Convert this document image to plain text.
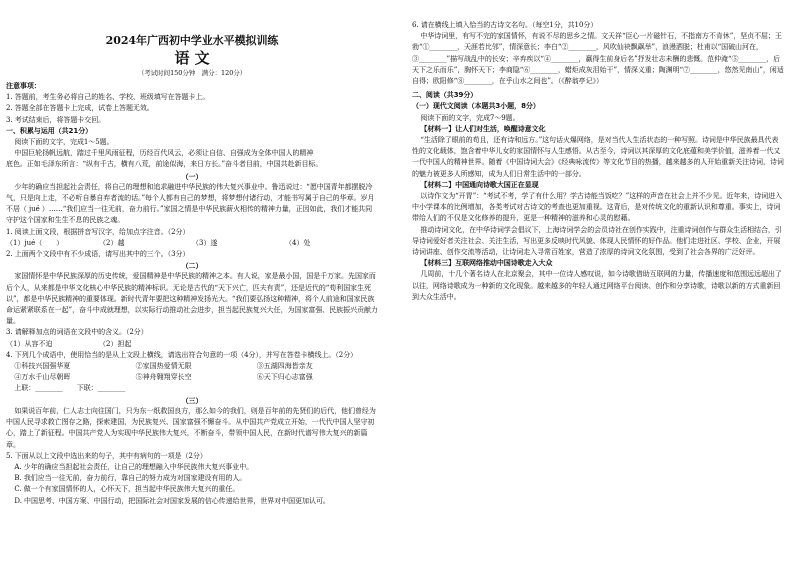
2024年广西初中学业水平模拟训练

语 文

（考试时间150分钟　满分：120分）

注意事项：

1. 答题前，考生务必将自己的姓名、学校、班级填写在答题卡上。

2. 答题全部在答题卡上完成，试卷上答题无效。

3. 考试结束后，将答题卡交回。

一、积累与运用（共21分）

阅读下面的文字，完成1～5题。

中国巨轮扬帆远航，踏过千里风雨征程，历经百代风云，必须让自信、自强成为全体中国人的精神

底色。正如毛泽东所言：“纵有千古，横有八荒，前途似海，来日方长。”奋斗者目前，中国共赴新目标。

（一）

少年的确应当担起社会责任，将自己的理想和追求融进中华民族的伟大复兴事业中。鲁迅说过：“愿中国青年都摆脱冷气，只是向上走，不必听自暴自弃者流的话。”每个人都有自己的梦想，将梦想付诸行动，才能书写属于自己的华章。岁月不居（ jué ）……“我们应当一往无前，奋力前行。”家国之情是中华民族薪火相传的精神力量，正因如此，我们才能共同守护这个国家和生生不息的民族之魂。

1. 阅读上面文段，根据拼音写汉字，给加点字注音。（2分）

（1）jué（　　）	（2）越	（3）遂	（4）处

2. 上面两个文段中有不少成语，请写出其中的三个。（3分）

（二）

家国情怀是中华民族深厚的历史传统，爱国精神是中华民族的精神之本。有人说，家是最小国，国是千万家。先国家而后个人，从来都是中华文化核心中华民族的精神标识。无论是古代的“天下兴亡，匹夫有责”，还是近代的“苟利国家生死以”，都是中华民族精神的重要体现。新时代青年要把这种精神发扬光大。“我们要弘扬这种精神，将个人前途和国家民族命运紧紧联系在一起”，奋斗中成就理想，以实际行动推动社会进步，担当起民族复兴大任，为国家富强、民族振兴贡献力量。

3. 请解释加点的词语在文段中的含义。（2分）

（1）从容不迫	（2）担起

4. 下列几个成语中，使用恰当的是从上文段上横线，请选出符合句意的一项（4分），并写在答卷卡横线上。（2分）

①科技兴国强华夏	②家国热爱情无限	③五湖四海皆亲友
④万水千山尽朝晖	⑤神舟翱翔穿长空	⑥天下归心志富强

上联：________　　下联：________

（三）

如果说百年前，仁人志士向往国门，只为东一纸救国良方，那么如今的我们，则是百年前的先贤们的后代，他们曾经为中国人民寻求救亡图存之路，探索建国，为民族复兴、国家富强不懈奋斗。从中国共产党成立开始，一代代中国人坚守初心，踏上了新征程。中国共产党人为实现中华民族伟大复兴，不断奋斗，带领中国人民，在新时代谱写伟大复兴的新篇章。

5. 下面从以上文段中选出来的句子，其中有病句的一项是（2分）

A. 少年的确应当担起社会责任，让自己的理想融入中华民族伟大复兴事业中。

B. 我们应当一往无前，奋力前行，靠自己的努力成为对国家建设有用的人。

C. 做一个有家国情怀的人，心怀天下，担当起中华民族伟大复兴的重任。

D. 中国思考、中国方案、中国行动，把国际社会对国家发展的信心传递给世界，世界对中国更加认可。

6. 请在横线上填入恰当的古诗文名句。（每空1分，共10分）

中华诗词里，有写不完的家国情怀，有说不尽的思乡之情。文天祥“臣心一片磁针石，不指南方不肯休”，坚贞不屈；王勃“①________，天涯若比邻”，情深意长；李白“②________，风吹仙袂飘飖举”，浪漫洒脱；杜甫以“国破山河在，③________”描写战乱中的长安；辛弃疾以“④________，赢得生前身后名”抒发壮志未酬的悲慨。范仲淹“⑤________，后天下之乐而乐”，胸怀天下；李商隐“⑥________，蜡炬成灰泪始干”，情深义重；陶渊明“⑦________，悠然见南山”，闲适自得；欧阳修“⑧________，在乎山水之间也”。（《醉翁亭记》）

二、阅读（共39分）

（一）现代文阅读（本题共3小题，8分）

阅读下面的文字，完成7～9题。

【材料一】让人们对生活，唤醒诗意文化

“生活除了眼前的苟且，还有诗和远方。”这句话火爆网络，是对当代人生活状态的一种写照。诗词是中华民族最具代表性的文化载体，饱含着中华儿女的家国情怀与人生感悟。从古至今，诗词以其深厚的文化底蕴和美学价值，滋养着一代又一代中国人的精神世界。随着《中国诗词大会》《经典咏流传》等文化节目的热播，越来越多的人开始重新关注诗词，诗词的魅力被更多人所感知，成为人们日常生活中的一部分。

【材料二】中国通向诗歌大国正在显现

以诗作文为“开胃”：“考试不考，学了有什么用？学古诗能当饭吃？”这样的声音在社会上并不少见。近年来，诗词进入中小学课本的比例增加，各类考试对古诗文的考查也更加重视。这背后，是对传统文化的重新认识和尊重。事实上，诗词带给人们的不仅是文化修养的提升，更是一种精神的滋养和心灵的慰藉。

推动诗词文化，在中华诗词学会倡议下，上海诗词学会的会员诗社在创作实践中，注重诗词创作与群众生活相结合，引导诗词爱好者关注社会、关注生活，写出更多反映时代风貌、体现人民情怀的好作品。他们走进社区、学校、企业，开展诗词讲座、创作交流等活动，让诗词走入寻常百姓家，营造了浓厚的诗词文化氛围，受到了社会各界的广泛好评。

【材料三】互联网络推动中国诗歌走入大众

几周前，十几个著名诗人在北京聚会，其中一位诗人感叹说，如今诗歌借助互联网的力量，传播速度和范围远远超出了以往，网络诗歌成为一种新的文化现象。越来越多的年轻人通过网络平台阅读、创作和分享诗歌，诗歌以新的方式重新回到大众生活中。
